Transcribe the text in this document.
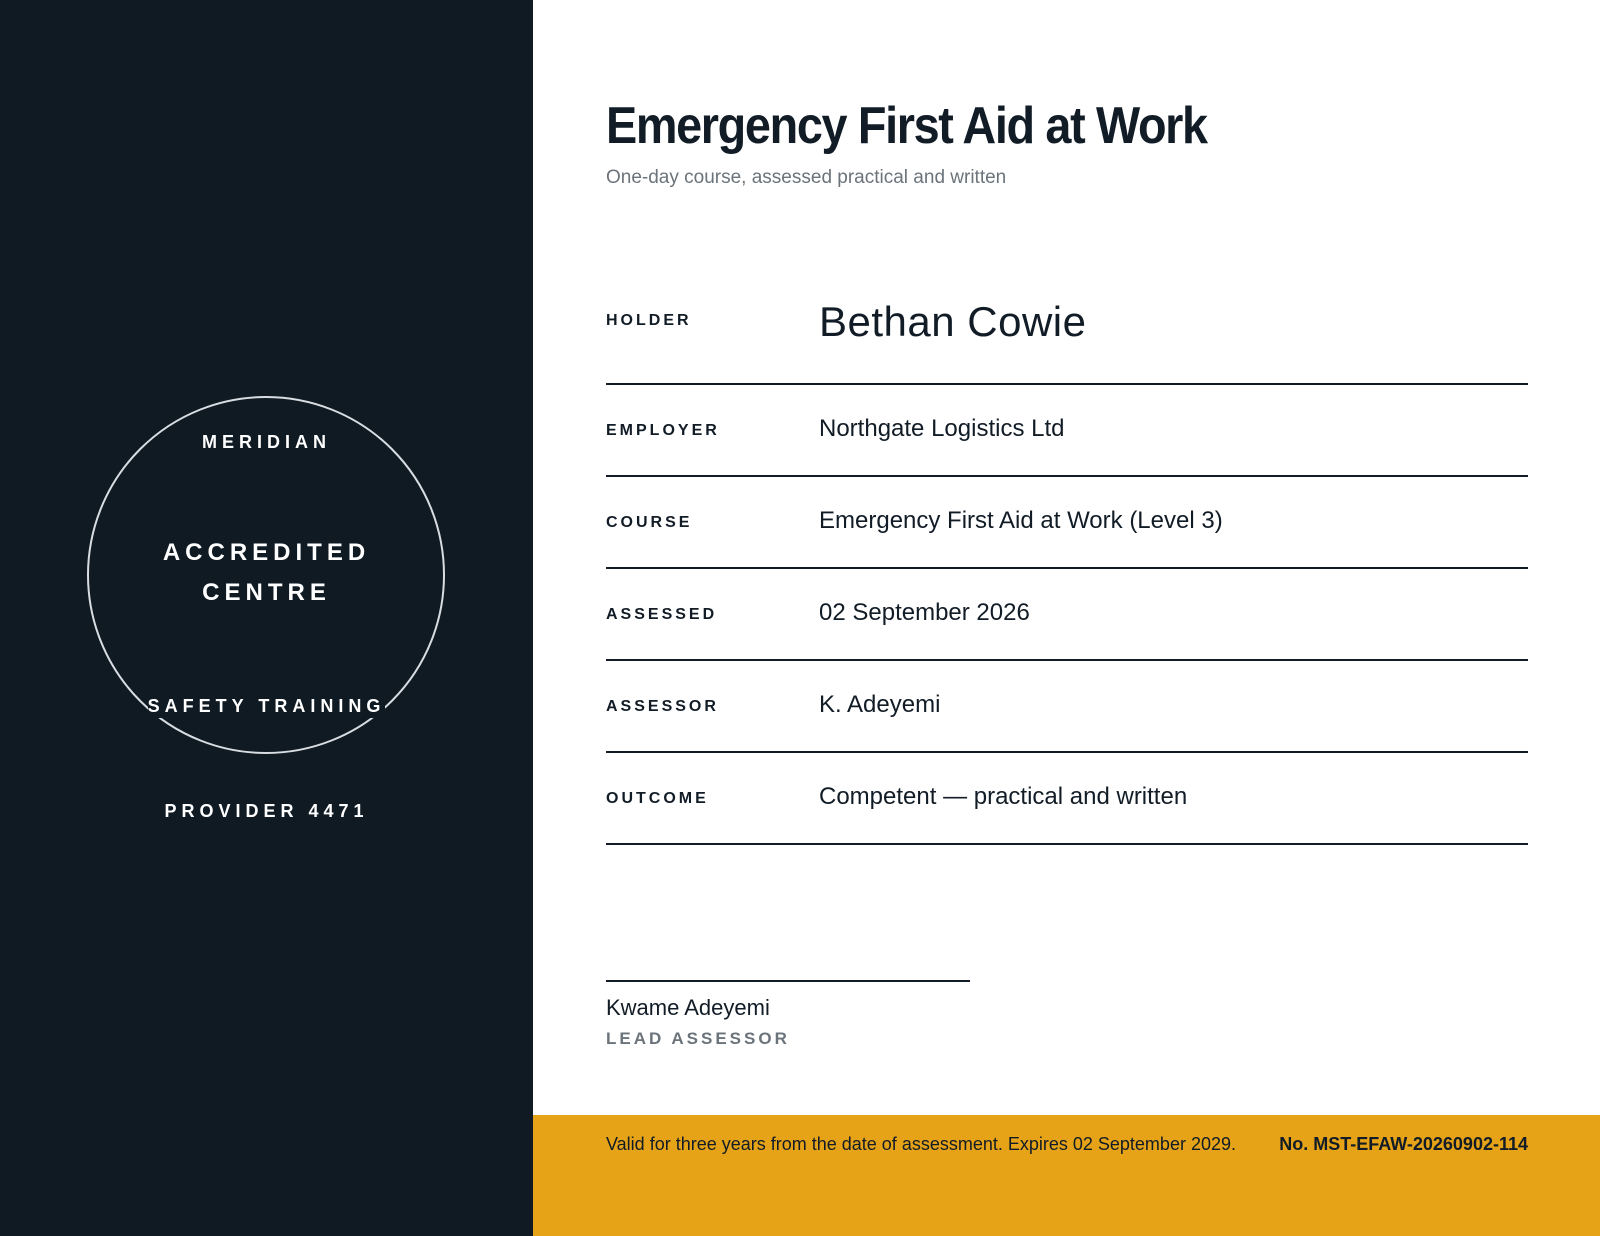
MERIDIAN
ACCREDITED
CENTRE
SAFETY TRAINING
PROVIDER 4471
Emergency First Aid at Work
One-day course, assessed practical and written
HOLDER	Bethan Cowie
EMPLOYER	Northgate Logistics Ltd
COURSE	Emergency First Aid at Work (Level 3)
ASSESSED	02 September 2026
ASSESSOR	K. Adeyemi
OUTCOME	Competent — practical and written
Kwame Adeyemi
LEAD ASSESSOR
Valid for three years from the date of assessment. Expires 02 September 2029. No. MST-EFAW-20260902-114
